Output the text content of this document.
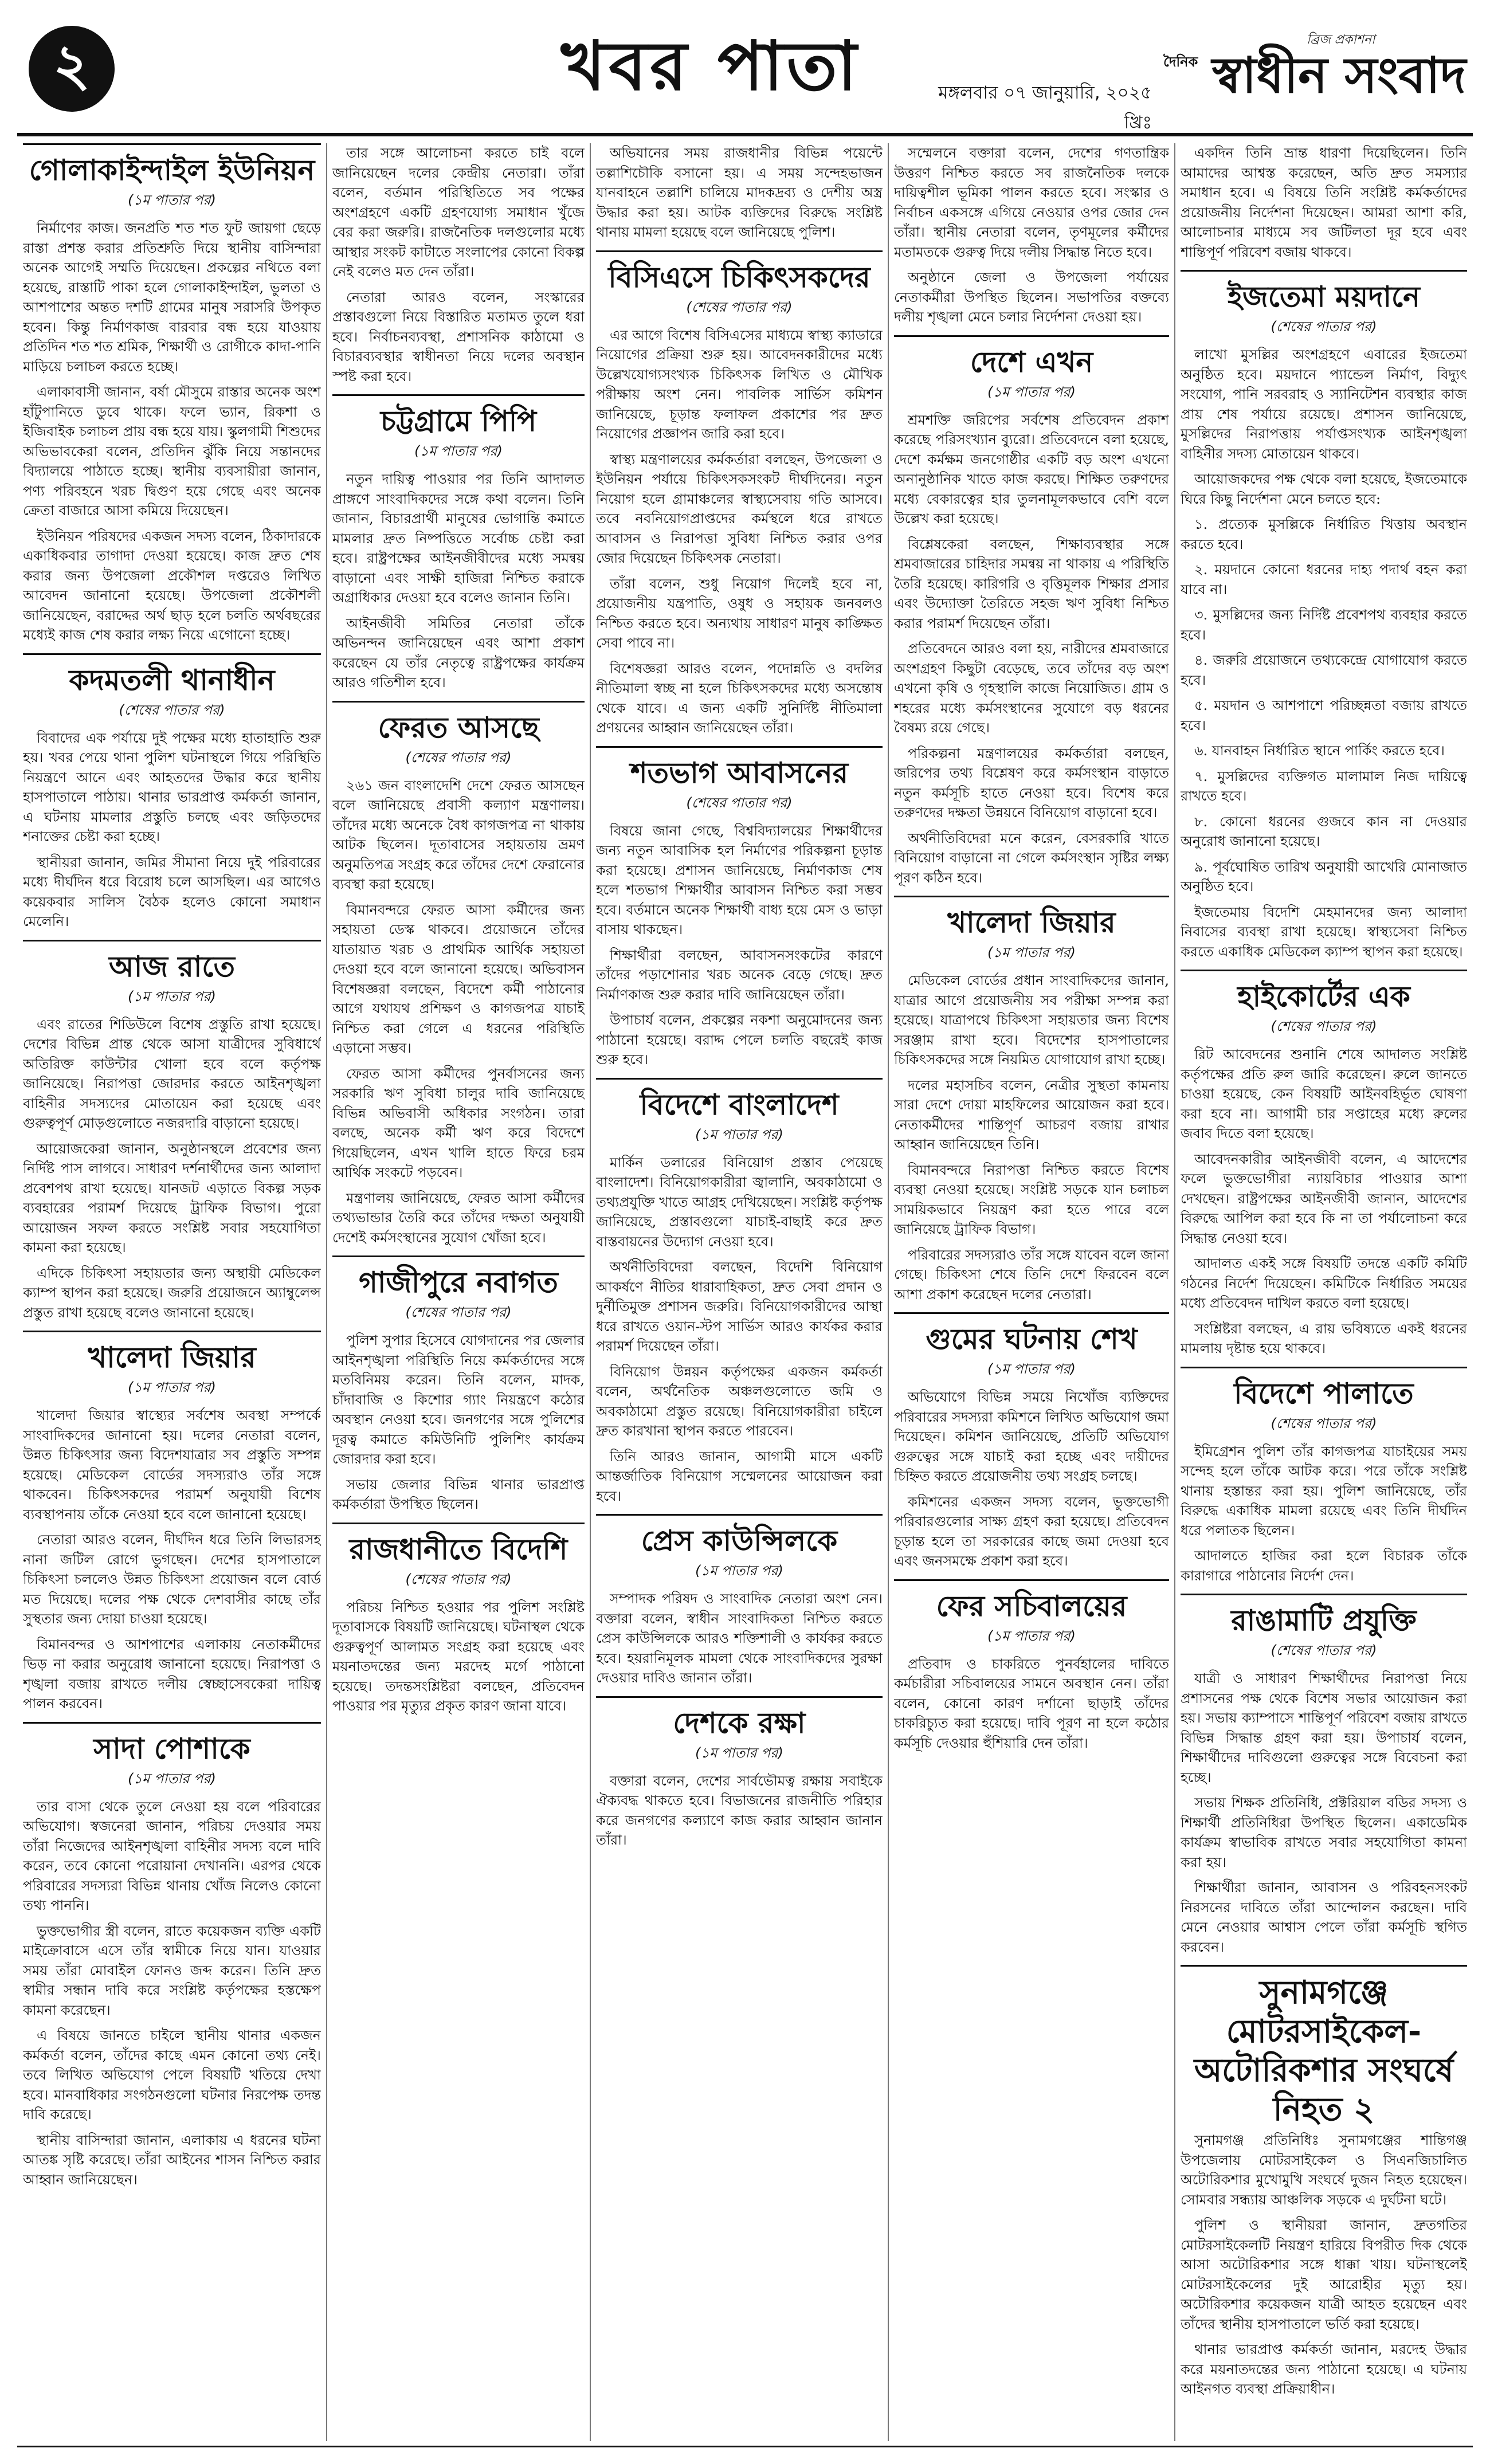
২	খবর পাতা	মঙ্গলবার ০৭ জানুয়ারি, ২০২৫ খ্রিঃ
ব্রিজ প্রকাশনা
দৈনিক স্বাধীন সংবাদ
গোলাকাইন্দাইল ইউনিয়ন
( ১ম পাতার পর )

নির্মাণের কাজ। জনপ্রতি শত শত ফুট জায়গা ছেড়ে রাস্তা প্রশস্ত করার প্রতিশ্রুতি দিয়ে স্থানীয় বাসিন্দারা অনেক আগেই সম্মতি দিয়েছেন। প্রকল্পের নথিতে বলা হয়েছে, রাস্তাটি পাকা হলে গোলাকাইন্দাইল, ভুলতা ও আশপাশের অন্তত দশটি গ্রামের মানুষ সরাসরি উপকৃত হবেন। কিন্তু নির্মাণকাজ বারবার বন্ধ হয়ে যাওয়ায় প্রতিদিন শত শত শ্রমিক, শিক্ষার্থী ও রোগীকে কাদা-পানি মাড়িয়ে চলাচল করতে হচ্ছে।

এলাকাবাসী জানান, বর্ষা মৌসুমে রাস্তার অনেক অংশ হাঁটুপানিতে ডুবে থাকে। ফলে ভ্যান, রিকশা ও ইজিবাইক চলাচল প্রায় বন্ধ হয়ে যায়। স্কুলগামী শিশুদের অভিভাবকেরা বলেন, প্রতিদিন ঝুঁকি নিয়ে সন্তানদের বিদ্যালয়ে পাঠাতে হচ্ছে। স্থানীয় ব্যবসায়ীরা জানান, পণ্য পরিবহনে খরচ দ্বিগুণ হয়ে গেছে এবং অনেক ক্রেতা বাজারে আসা কমিয়ে দিয়েছেন।

ইউনিয়ন পরিষদের একজন সদস্য বলেন, ঠিকাদারকে একাধিকবার তাগাদা দেওয়া হয়েছে। কাজ দ্রুত শেষ করার জন্য উপজেলা প্রকৌশল দপ্তরেও লিখিত আবেদন জানানো হয়েছে। উপজেলা প্রকৌশলী জানিয়েছেন, বরাদ্দের অর্থ ছাড় হলে চলতি অর্থবছরের মধ্যেই কাজ শেষ করার লক্ষ্য নিয়ে এগোনো হচ্ছে।

কদমতলী থানাধীন
( শেষের পাতার পর )

বিবাদের এক পর্যায়ে দুই পক্ষের মধ্যে হাতাহাতি শুরু হয়। খবর পেয়ে থানা পুলিশ ঘটনাস্থলে গিয়ে পরিস্থিতি নিয়ন্ত্রণে আনে এবং আহতদের উদ্ধার করে স্থানীয় হাসপাতালে পাঠায়। থানার ভারপ্রাপ্ত কর্মকর্তা জানান, এ ঘটনায় মামলার প্রস্তুতি চলছে এবং জড়িতদের শনাক্তের চেষ্টা করা হচ্ছে।

স্থানীয়রা জানান, জমির সীমানা নিয়ে দুই পরিবারের মধ্যে দীর্ঘদিন ধরে বিরোধ চলে আসছিল। এর আগেও কয়েকবার সালিস বৈঠক হলেও কোনো সমাধান মেলেনি।

আজ রাতে
( ১ম পাতার পর )

এবং রাতের শিডিউলে বিশেষ প্রস্তুতি রাখা হয়েছে। দেশের বিভিন্ন প্রান্ত থেকে আসা যাত্রীদের সুবিধার্থে অতিরিক্ত কাউন্টার খোলা হবে বলে কর্তৃপক্ষ জানিয়েছে। নিরাপত্তা জোরদার করতে আইনশৃঙ্খলা বাহিনীর সদস্যদের মোতায়েন করা হয়েছে এবং গুরুত্বপূর্ণ মোড়গুলোতে নজরদারি বাড়ানো হয়েছে।

আয়োজকেরা জানান, অনুষ্ঠানস্থলে প্রবেশের জন্য নির্দিষ্ট পাস লাগবে। সাধারণ দর্শনার্থীদের জন্য আলাদা প্রবেশপথ রাখা হয়েছে। যানজট এড়াতে বিকল্প সড়ক ব্যবহারের পরামর্শ দিয়েছে ট্রাফিক বিভাগ। পুরো আয়োজন সফল করতে সংশ্লিষ্ট সবার সহযোগিতা কামনা করা হয়েছে।

এদিকে চিকিৎসা সহায়তার জন্য অস্থায়ী মেডিকেল ক্যাম্প স্থাপন করা হয়েছে। জরুরি প্রয়োজনে অ্যাম্বুলেন্স প্রস্তুত রাখা হয়েছে বলেও জানানো হয়েছে।

খালেদা জিয়ার
( ১ম পাতার পর )

খালেদা জিয়ার স্বাস্থ্যের সর্বশেষ অবস্থা সম্পর্কে সাংবাদিকদের জানানো হয়। দলের নেতারা বলেন, উন্নত চিকিৎসার জন্য বিদেশযাত্রার সব প্রস্তুতি সম্পন্ন হয়েছে। মেডিকেল বোর্ডের সদস্যরাও তাঁর সঙ্গে থাকবেন। চিকিৎসকদের পরামর্শ অনুযায়ী বিশেষ ব্যবস্থাপনায় তাঁকে নেওয়া হবে বলে জানানো হয়েছে।

নেতারা আরও বলেন, দীর্ঘদিন ধরে তিনি লিভারসহ নানা জটিল রোগে ভুগছেন। দেশের হাসপাতালে চিকিৎসা চললেও উন্নত চিকিৎসা প্রয়োজন বলে বোর্ড মত দিয়েছে। দলের পক্ষ থেকে দেশবাসীর কাছে তাঁর সুস্থতার জন্য দোয়া চাওয়া হয়েছে।

বিমানবন্দর ও আশপাশের এলাকায় নেতাকর্মীদের ভিড় না করার অনুরোধ জানানো হয়েছে। নিরাপত্তা ও শৃঙ্খলা বজায় রাখতে দলীয় স্বেচ্ছাসেবকেরা দায়িত্ব পালন করবেন।

সাদা পোশাকে
( ১ম পাতার পর )

তার বাসা থেকে তুলে নেওয়া হয় বলে পরিবারের অভিযোগ। স্বজনেরা জানান, পরিচয় দেওয়ার সময় তাঁরা নিজেদের আইনশৃঙ্খলা বাহিনীর সদস্য বলে দাবি করেন, তবে কোনো পরোয়ানা দেখাননি। এরপর থেকে পরিবারের সদস্যরা বিভিন্ন থানায় খোঁজ নিলেও কোনো তথ্য পাননি।

ভুক্তভোগীর স্ত্রী বলেন, রাতে কয়েকজন ব্যক্তি একটি মাইক্রোবাসে এসে তাঁর স্বামীকে নিয়ে যান। যাওয়ার সময় তাঁরা মোবাইল ফোনও জব্দ করেন। তিনি দ্রুত স্বামীর সন্ধান দাবি করে সংশ্লিষ্ট কর্তৃপক্ষের হস্তক্ষেপ কামনা করেছেন।

এ বিষয়ে জানতে চাইলে স্থানীয় থানার একজন কর্মকর্তা বলেন, তাঁদের কাছে এমন কোনো তথ্য নেই। তবে লিখিত অভিযোগ পেলে বিষয়টি খতিয়ে দেখা হবে। মানবাধিকার সংগঠনগুলো ঘটনার নিরপেক্ষ তদন্ত দাবি করেছে।

স্থানীয় বাসিন্দারা জানান, এলাকায় এ ধরনের ঘটনা আতঙ্ক সৃষ্টি করেছে। তাঁরা আইনের শাসন নিশ্চিত করার আহ্বান জানিয়েছেন।

তার সঙ্গে আলোচনা করতে চাই বলে জানিয়েছেন দলের কেন্দ্রীয় নেতারা। তাঁরা বলেন, বর্তমান পরিস্থিতিতে সব পক্ষের অংশগ্রহণে একটি গ্রহণযোগ্য সমাধান খুঁজে বের করা জরুরি। রাজনৈতিক দলগুলোর মধ্যে আস্থার সংকট কাটাতে সংলাপের কোনো বিকল্প নেই বলেও মত দেন তাঁরা।

নেতারা আরও বলেন, সংস্কারের প্রস্তাবগুলো নিয়ে বিস্তারিত মতামত তুলে ধরা হবে। নির্বাচনব্যবস্থা, প্রশাসনিক কাঠামো ও বিচারব্যবস্থার স্বাধীনতা নিয়ে দলের অবস্থান স্পষ্ট করা হবে।

চট্টগ্রামে পিপি
( ১ম পাতার পর )

নতুন দায়িত্ব পাওয়ার পর তিনি আদালত প্রাঙ্গণে সাংবাদিকদের সঙ্গে কথা বলেন। তিনি জানান, বিচারপ্রার্থী মানুষের ভোগান্তি কমাতে মামলার দ্রুত নিষ্পত্তিতে সর্বোচ্চ চেষ্টা করা হবে। রাষ্ট্রপক্ষের আইনজীবীদের মধ্যে সমন্বয় বাড়ানো এবং সাক্ষী হাজিরা নিশ্চিত করাকে অগ্রাধিকার দেওয়া হবে বলেও জানান তিনি।

আইনজীবী সমিতির নেতারা তাঁকে অভিনন্দন জানিয়েছেন এবং আশা প্রকাশ করেছেন যে তাঁর নেতৃত্বে রাষ্ট্রপক্ষের কার্যক্রম আরও গতিশীল হবে।

ফেরত আসছে
( শেষের পাতার পর )

২৬১ জন বাংলাদেশি দেশে ফেরত আসছেন বলে জানিয়েছে প্রবাসী কল্যাণ মন্ত্রণালয়। তাঁদের মধ্যে অনেকে বৈধ কাগজপত্র না থাকায় আটক ছিলেন। দূতাবাসের সহায়তায় ভ্রমণ অনুমতিপত্র সংগ্রহ করে তাঁদের দেশে ফেরানোর ব্যবস্থা করা হয়েছে।

বিমানবন্দরে ফেরত আসা কর্মীদের জন্য সহায়তা ডেস্ক থাকবে। প্রয়োজনে তাঁদের যাতায়াত খরচ ও প্রাথমিক আর্থিক সহায়তা দেওয়া হবে বলে জানানো হয়েছে। অভিবাসন বিশেষজ্ঞরা বলছেন, বিদেশে কর্মী পাঠানোর আগে যথাযথ প্রশিক্ষণ ও কাগজপত্র যাচাই নিশ্চিত করা গেলে এ ধরনের পরিস্থিতি এড়ানো সম্ভব।

ফেরত আসা কর্মীদের পুনর্বাসনের জন্য সরকারি ঋণ সুবিধা চালুর দাবি জানিয়েছে বিভিন্ন অভিবাসী অধিকার সংগঠন। তারা বলছে, অনেক কর্মী ঋণ করে বিদেশে গিয়েছিলেন, এখন খালি হাতে ফিরে চরম আর্থিক সংকটে পড়বেন।

মন্ত্রণালয় জানিয়েছে, ফেরত আসা কর্মীদের তথ্যভান্ডার তৈরি করে তাঁদের দক্ষতা অনুযায়ী দেশেই কর্মসংস্থানের সুযোগ খোঁজা হবে।

গাজীপুরে নবাগত
( শেষের পাতার পর )

পুলিশ সুপার হিসেবে যোগদানের পর জেলার আইনশৃঙ্খলা পরিস্থিতি নিয়ে কর্মকর্তাদের সঙ্গে মতবিনিময় করেন। তিনি বলেন, মাদক, চাঁদাবাজি ও কিশোর গ্যাং নিয়ন্ত্রণে কঠোর অবস্থান নেওয়া হবে। জনগণের সঙ্গে পুলিশের দূরত্ব কমাতে কমিউনিটি পুলিশিং কার্যক্রম জোরদার করা হবে।

সভায় জেলার বিভিন্ন থানার ভারপ্রাপ্ত কর্মকর্তারা উপস্থিত ছিলেন।

রাজধানীতে বিদেশি
( শেষের পাতার পর )

পরিচয় নিশ্চিত হওয়ার পর পুলিশ সংশ্লিষ্ট দূতাবাসকে বিষয়টি জানিয়েছে। ঘটনাস্থল থেকে গুরুত্বপূর্ণ আলামত সংগ্রহ করা হয়েছে এবং ময়নাতদন্তের জন্য মরদেহ মর্গে পাঠানো হয়েছে। তদন্তসংশ্লিষ্টরা বলছেন, প্রতিবেদন পাওয়ার পর মৃত্যুর প্রকৃত কারণ জানা যাবে।

অভিযানের সময় রাজধানীর বিভিন্ন পয়েন্টে তল্লাশিচৌকি বসানো হয়। এ সময় সন্দেহভাজন যানবাহনে তল্লাশি চালিয়ে মাদকদ্রব্য ও দেশীয় অস্ত্র উদ্ধার করা হয়। আটক ব্যক্তিদের বিরুদ্ধে সংশ্লিষ্ট থানায় মামলা হয়েছে বলে জানিয়েছে পুলিশ।

বিসিএসে চিকিৎসকদের
( শেষের পাতার পর )

এর আগে বিশেষ বিসিএসের মাধ্যমে স্বাস্থ্য ক্যাডারে নিয়োগের প্রক্রিয়া শুরু হয়। আবেদনকারীদের মধ্যে উল্লেখযোগ্যসংখ্যক চিকিৎসক লিখিত ও মৌখিক পরীক্ষায় অংশ নেন। পাবলিক সার্ভিস কমিশন জানিয়েছে, চূড়ান্ত ফলাফল প্রকাশের পর দ্রুত নিয়োগের প্রজ্ঞাপন জারি করা হবে।

স্বাস্থ্য মন্ত্রণালয়ের কর্মকর্তারা বলছেন, উপজেলা ও ইউনিয়ন পর্যায়ে চিকিৎসকসংকট দীর্ঘদিনের। নতুন নিয়োগ হলে গ্রামাঞ্চলের স্বাস্থ্যসেবায় গতি আসবে। তবে নবনিয়োগপ্রাপ্তদের কর্মস্থলে ধরে রাখতে আবাসন ও নিরাপত্তা সুবিধা নিশ্চিত করার ওপর জোর দিয়েছেন চিকিৎসক নেতারা।

তাঁরা বলেন, শুধু নিয়োগ দিলেই হবে না, প্রয়োজনীয় যন্ত্রপাতি, ওষুধ ও সহায়ক জনবলও নিশ্চিত করতে হবে। অন্যথায় সাধারণ মানুষ কাঙ্ক্ষিত সেবা পাবে না।

বিশেষজ্ঞরা আরও বলেন, পদোন্নতি ও বদলির নীতিমালা স্বচ্ছ না হলে চিকিৎসকদের মধ্যে অসন্তোষ থেকে যাবে। এ জন্য একটি সুনির্দিষ্ট নীতিমালা প্রণয়নের আহ্বান জানিয়েছেন তাঁরা।

শতভাগ আবাসনের
( শেষের পাতার পর )

বিষয়ে জানা গেছে, বিশ্ববিদ্যালয়ের শিক্ষার্থীদের জন্য নতুন আবাসিক হল নির্মাণের পরিকল্পনা চূড়ান্ত করা হয়েছে। প্রশাসন জানিয়েছে, নির্মাণকাজ শেষ হলে শতভাগ শিক্ষার্থীর আবাসন নিশ্চিত করা সম্ভব হবে। বর্তমানে অনেক শিক্ষার্থী বাধ্য হয়ে মেস ও ভাড়া বাসায় থাকছেন।

শিক্ষার্থীরা বলছেন, আবাসনসংকটের কারণে তাঁদের পড়াশোনার খরচ অনেক বেড়ে গেছে। দ্রুত নির্মাণকাজ শুরু করার দাবি জানিয়েছেন তাঁরা।

উপাচার্য বলেন, প্রকল্পের নকশা অনুমোদনের জন্য পাঠানো হয়েছে। বরাদ্দ পেলে চলতি বছরেই কাজ শুরু হবে।

বিদেশে বাংলাদেশ
( ১ম পাতার পর )

মার্কিন ডলারের বিনিয়োগ প্রস্তাব পেয়েছে বাংলাদেশ। বিনিয়োগকারীরা জ্বালানি, অবকাঠামো ও তথ্যপ্রযুক্তি খাতে আগ্রহ দেখিয়েছেন। সংশ্লিষ্ট কর্তৃপক্ষ জানিয়েছে, প্রস্তাবগুলো যাচাই-বাছাই করে দ্রুত বাস্তবায়নের উদ্যোগ নেওয়া হবে।

অর্থনীতিবিদেরা বলছেন, বিদেশি বিনিয়োগ আকর্ষণে নীতির ধারাবাহিকতা, দ্রুত সেবা প্রদান ও দুর্নীতিমুক্ত প্রশাসন জরুরি। বিনিয়োগকারীদের আস্থা ধরে রাখতে ওয়ান-স্টপ সার্ভিস আরও কার্যকর করার পরামর্শ দিয়েছেন তাঁরা।

বিনিয়োগ উন্নয়ন কর্তৃপক্ষের একজন কর্মকর্তা বলেন, অর্থনৈতিক অঞ্চলগুলোতে জমি ও অবকাঠামো প্রস্তুত রয়েছে। বিনিয়োগকারীরা চাইলে দ্রুত কারখানা স্থাপন করতে পারবেন।

তিনি আরও জানান, আগামী মাসে একটি আন্তর্জাতিক বিনিয়োগ সম্মেলনের আয়োজন করা হবে।

প্রেস কাউন্সিলকে
( ১ম পাতার পর )

সম্পাদক পরিষদ ও সাংবাদিক নেতারা অংশ নেন। বক্তারা বলেন, স্বাধীন সাংবাদিকতা নিশ্চিত করতে প্রেস কাউন্সিলকে আরও শক্তিশালী ও কার্যকর করতে হবে। হয়রানিমূলক মামলা থেকে সাংবাদিকদের সুরক্ষা দেওয়ার দাবিও জানান তাঁরা।

দেশকে রক্ষা
( ১ম পাতার পর )

বক্তারা বলেন, দেশের সার্বভৌমত্ব রক্ষায় সবাইকে ঐক্যবদ্ধ থাকতে হবে। বিভাজনের রাজনীতি পরিহার করে জনগণের কল্যাণে কাজ করার আহ্বান জানান তাঁরা।

সম্মেলনে বক্তারা বলেন, দেশের গণতান্ত্রিক উত্তরণ নিশ্চিত করতে সব রাজনৈতিক দলকে দায়িত্বশীল ভূমিকা পালন করতে হবে। সংস্কার ও নির্বাচন একসঙ্গে এগিয়ে নেওয়ার ওপর জোর দেন তাঁরা। স্থানীয় নেতারা বলেন, তৃণমূলের কর্মীদের মতামতকে গুরুত্ব দিয়ে দলীয় সিদ্ধান্ত নিতে হবে।

অনুষ্ঠানে জেলা ও উপজেলা পর্যায়ের নেতাকর্মীরা উপস্থিত ছিলেন। সভাপতির বক্তব্যে দলীয় শৃঙ্খলা মেনে চলার নির্দেশনা দেওয়া হয়।

দেশে এখন
( ১ম পাতার পর )

শ্রমশক্তি জরিপের সর্বশেষ প্রতিবেদন প্রকাশ করেছে পরিসংখ্যান ব্যুরো। প্রতিবেদনে বলা হয়েছে, দেশে কর্মক্ষম জনগোষ্ঠীর একটি বড় অংশ এখনো অনানুষ্ঠানিক খাতে কাজ করছে। শিক্ষিত তরুণদের মধ্যে বেকারত্বের হার তুলনামূলকভাবে বেশি বলে উল্লেখ করা হয়েছে।

বিশ্লেষকেরা বলছেন, শিক্ষাব্যবস্থার সঙ্গে শ্রমবাজারের চাহিদার সমন্বয় না থাকায় এ পরিস্থিতি তৈরি হয়েছে। কারিগরি ও বৃত্তিমূলক শিক্ষার প্রসার এবং উদ্যোক্তা তৈরিতে সহজ ঋণ সুবিধা নিশ্চিত করার পরামর্শ দিয়েছেন তাঁরা।

প্রতিবেদনে আরও বলা হয়, নারীদের শ্রমবাজারে অংশগ্রহণ কিছুটা বেড়েছে, তবে তাঁদের বড় অংশ এখনো কৃষি ও গৃহস্থালি কাজে নিয়োজিত। গ্রাম ও শহরের মধ্যে কর্মসংস্থানের সুযোগে বড় ধরনের বৈষম্য রয়ে গেছে।

পরিকল্পনা মন্ত্রণালয়ের কর্মকর্তারা বলছেন, জরিপের তথ্য বিশ্লেষণ করে কর্মসংস্থান বাড়াতে নতুন কর্মসূচি হাতে নেওয়া হবে। বিশেষ করে তরুণদের দক্ষতা উন্নয়নে বিনিয়োগ বাড়ানো হবে।

অর্থনীতিবিদেরা মনে করেন, বেসরকারি খাতে বিনিয়োগ বাড়ানো না গেলে কর্মসংস্থান সৃষ্টির লক্ষ্য পূরণ কঠিন হবে।

খালেদা জিয়ার
( ১ম পাতার পর )

মেডিকেল বোর্ডের প্রধান সাংবাদিকদের জানান, যাত্রার আগে প্রয়োজনীয় সব পরীক্ষা সম্পন্ন করা হয়েছে। যাত্রাপথে চিকিৎসা সহায়তার জন্য বিশেষ সরঞ্জাম রাখা হবে। বিদেশের হাসপাতালের চিকিৎসকদের সঙ্গে নিয়মিত যোগাযোগ রাখা হচ্ছে।

দলের মহাসচিব বলেন, নেত্রীর সুস্থতা কামনায় সারা দেশে দোয়া মাহফিলের আয়োজন করা হবে। নেতাকর্মীদের শান্তিপূর্ণ আচরণ বজায় রাখার আহ্বান জানিয়েছেন তিনি।

বিমানবন্দরে নিরাপত্তা নিশ্চিত করতে বিশেষ ব্যবস্থা নেওয়া হয়েছে। সংশ্লিষ্ট সড়কে যান চলাচল সাময়িকভাবে নিয়ন্ত্রণ করা হতে পারে বলে জানিয়েছে ট্রাফিক বিভাগ।

পরিবারের সদস্যরাও তাঁর সঙ্গে যাবেন বলে জানা গেছে। চিকিৎসা শেষে তিনি দেশে ফিরবেন বলে আশা প্রকাশ করেছেন দলের নেতারা।

গুমের ঘটনায় শেখ
( ১ম পাতার পর )

অভিযোগে বিভিন্ন সময়ে নিখোঁজ ব্যক্তিদের পরিবারের সদস্যরা কমিশনে লিখিত অভিযোগ জমা দিয়েছেন। কমিশন জানিয়েছে, প্রতিটি অভিযোগ গুরুত্বের সঙ্গে যাচাই করা হচ্ছে এবং দায়ীদের চিহ্নিত করতে প্রয়োজনীয় তথ্য সংগ্রহ চলছে।

কমিশনের একজন সদস্য বলেন, ভুক্তভোগী পরিবারগুলোর সাক্ষ্য গ্রহণ করা হয়েছে। প্রতিবেদন চূড়ান্ত হলে তা সরকারের কাছে জমা দেওয়া হবে এবং জনসমক্ষে প্রকাশ করা হবে।

ফের সচিবালয়ের
( ১ম পাতার পর )

প্রতিবাদ ও চাকরিতে পুনর্বহালের দাবিতে কর্মচারীরা সচিবালয়ের সামনে অবস্থান নেন। তাঁরা বলেন, কোনো কারণ দর্শানো ছাড়াই তাঁদের চাকরিচ্যুত করা হয়েছে। দাবি পূরণ না হলে কঠোর কর্মসূচি দেওয়ার হুঁশিয়ারি দেন তাঁরা।

একদিন তিনি ভ্রান্ত ধারণা দিয়েছিলেন। তিনি আমাদের আশ্বস্ত করেছেন, অতি দ্রুত সমস্যার সমাধান হবে। এ বিষয়ে তিনি সংশ্লিষ্ট কর্মকর্তাদের প্রয়োজনীয় নির্দেশনা দিয়েছেন। আমরা আশা করি, আলোচনার মাধ্যমে সব জটিলতা দূর হবে এবং শান্তিপূর্ণ পরিবেশ বজায় থাকবে।

ইজতেমা ময়দানে
( শেষের পাতার পর )

লাখো মুসল্লির অংশগ্রহণে এবারের ইজতেমা অনুষ্ঠিত হবে। ময়দানে প্যান্ডেল নির্মাণ, বিদ্যুৎ সংযোগ, পানি সরবরাহ ও স্যানিটেশন ব্যবস্থার কাজ প্রায় শেষ পর্যায়ে রয়েছে। প্রশাসন জানিয়েছে, মুসল্লিদের নিরাপত্তায় পর্যাপ্তসংখ্যক আইনশৃঙ্খলা বাহিনীর সদস্য মোতায়েন থাকবে।

আয়োজকদের পক্ষ থেকে বলা হয়েছে, ইজতেমাকে ঘিরে কিছু নির্দেশনা মেনে চলতে হবে:

১. প্রত্যেক মুসল্লিকে নির্ধারিত খিত্তায় অবস্থান করতে হবে।

২. ময়দানে কোনো ধরনের দাহ্য পদার্থ বহন করা যাবে না।

৩. মুসল্লিদের জন্য নির্দিষ্ট প্রবেশপথ ব্যবহার করতে হবে।

৪. জরুরি প্রয়োজনে তথ্যকেন্দ্রে যোগাযোগ করতে হবে।

৫. ময়দান ও আশপাশে পরিচ্ছন্নতা বজায় রাখতে হবে।

৬. যানবাহন নির্ধারিত স্থানে পার্কিং করতে হবে।

৭. মুসল্লিদের ব্যক্তিগত মালামাল নিজ দায়িত্বে রাখতে হবে।

৮. কোনো ধরনের গুজবে কান না দেওয়ার অনুরোধ জানানো হয়েছে।

৯. পূর্বঘোষিত তারিখ অনুযায়ী আখেরি মোনাজাত অনুষ্ঠিত হবে।

ইজতেমায় বিদেশি মেহমানদের জন্য আলাদা নিবাসের ব্যবস্থা রাখা হয়েছে। স্বাস্থ্যসেবা নিশ্চিত করতে একাধিক মেডিকেল ক্যাম্প স্থাপন করা হয়েছে।

হাইকোর্টের এক
( শেষের পাতার পর )

রিট আবেদনের শুনানি শেষে আদালত সংশ্লিষ্ট কর্তৃপক্ষের প্রতি রুল জারি করেছেন। রুলে জানতে চাওয়া হয়েছে, কেন বিষয়টি আইনবহির্ভূত ঘোষণা করা হবে না। আগামী চার সপ্তাহের মধ্যে রুলের জবাব দিতে বলা হয়েছে।

আবেদনকারীর আইনজীবী বলেন, এ আদেশের ফলে ভুক্তভোগীরা ন্যায়বিচার পাওয়ার আশা দেখছেন। রাষ্ট্রপক্ষের আইনজীবী জানান, আদেশের বিরুদ্ধে আপিল করা হবে কি না তা পর্যালোচনা করে সিদ্ধান্ত নেওয়া হবে।

আদালত একই সঙ্গে বিষয়টি তদন্তে একটি কমিটি গঠনের নির্দেশ দিয়েছেন। কমিটিকে নির্ধারিত সময়ের মধ্যে প্রতিবেদন দাখিল করতে বলা হয়েছে।

সংশ্লিষ্টরা বলছেন, এ রায় ভবিষ্যতে একই ধরনের মামলায় দৃষ্টান্ত হয়ে থাকবে।

বিদেশে পালাতে
( শেষের পাতার পর )

ইমিগ্রেশন পুলিশ তাঁর কাগজপত্র যাচাইয়ের সময় সন্দেহ হলে তাঁকে আটক করে। পরে তাঁকে সংশ্লিষ্ট থানায় হস্তান্তর করা হয়। পুলিশ জানিয়েছে, তাঁর বিরুদ্ধে একাধিক মামলা রয়েছে এবং তিনি দীর্ঘদিন ধরে পলাতক ছিলেন।

আদালতে হাজির করা হলে বিচারক তাঁকে কারাগারে পাঠানোর নির্দেশ দেন।

রাঙামাটি প্রযুক্তি
( শেষের পাতার পর )

যাত্রী ও সাধারণ শিক্ষার্থীদের নিরাপত্তা নিয়ে প্রশাসনের পক্ষ থেকে বিশেষ সভার আয়োজন করা হয়। সভায় ক্যাম্পাসে শান্তিপূর্ণ পরিবেশ বজায় রাখতে বিভিন্ন সিদ্ধান্ত গ্রহণ করা হয়। উপাচার্য বলেন, শিক্ষার্থীদের দাবিগুলো গুরুত্বের সঙ্গে বিবেচনা করা হচ্ছে।

সভায় শিক্ষক প্রতিনিধি, প্রক্টরিয়াল বডির সদস্য ও শিক্ষার্থী প্রতিনিধিরা উপস্থিত ছিলেন। একাডেমিক কার্যক্রম স্বাভাবিক রাখতে সবার সহযোগিতা কামনা করা হয়।

শিক্ষার্থীরা জানান, আবাসন ও পরিবহনসংকট নিরসনের দাবিতে তাঁরা আন্দোলন করছেন। দাবি মেনে নেওয়ার আশ্বাস পেলে তাঁরা কর্মসূচি স্থগিত করবেন।

সুনামগঞ্জে মোটরসাইকেল-অটোরিকশার সংঘর্ষে নিহত ২

সুনামগঞ্জ প্রতিনিধিঃ সুনামগঞ্জের শান্তিগঞ্জ উপজেলায় মোটরসাইকেল ও সিএনজিচালিত অটোরিকশার মুখোমুখি সংঘর্ষে দুজন নিহত হয়েছেন। সোমবার সন্ধ্যায় আঞ্চলিক সড়কে এ দুর্ঘটনা ঘটে।

পুলিশ ও স্থানীয়রা জানান, দ্রুতগতির মোটরসাইকেলটি নিয়ন্ত্রণ হারিয়ে বিপরীত দিক থেকে আসা অটোরিকশার সঙ্গে ধাক্কা খায়। ঘটনাস্থলেই মোটরসাইকেলের দুই আরোহীর মৃত্যু হয়। অটোরিকশার কয়েকজন যাত্রী আহত হয়েছেন এবং তাঁদের স্থানীয় হাসপাতালে ভর্তি করা হয়েছে।

থানার ভারপ্রাপ্ত কর্মকর্তা জানান, মরদেহ উদ্ধার করে ময়নাতদন্তের জন্য পাঠানো হয়েছে। এ ঘটনায় আইনগত ব্যবস্থা প্রক্রিয়াধীন।
